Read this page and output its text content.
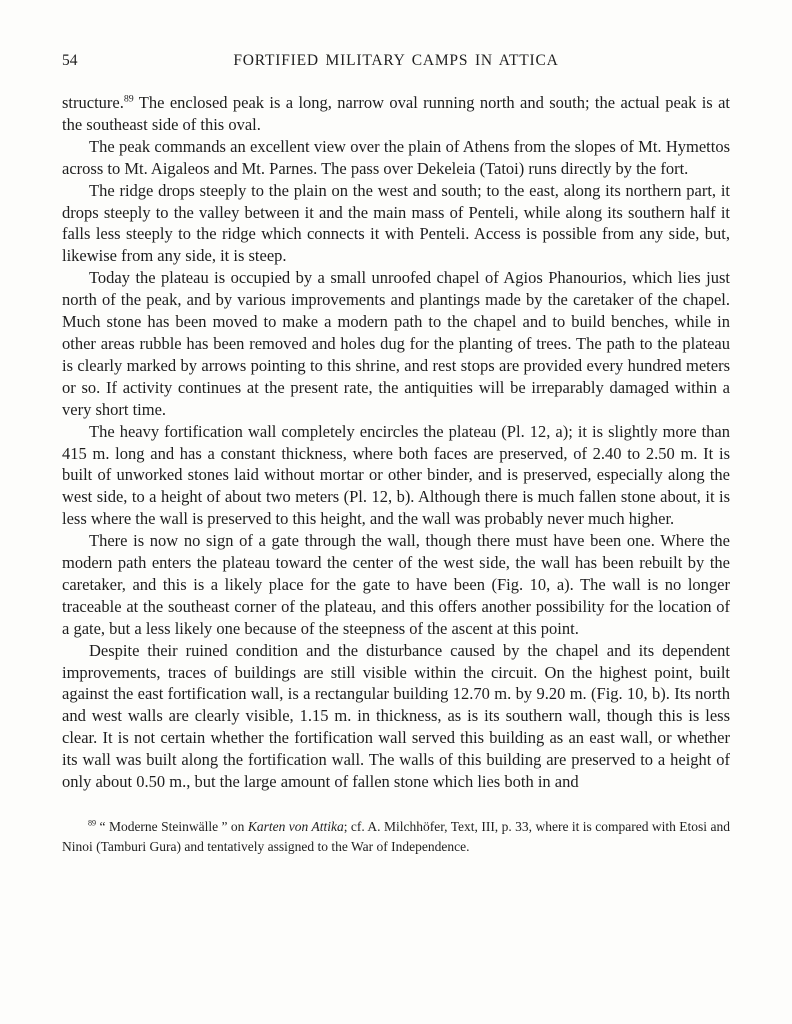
54	FORTIFIED MILITARY CAMPS IN ATTICA

structure.$^{89}$ The enclosed peak is a long, narrow oval running north and south; the actual peak is at the southeast side of this oval.

The peak commands an excellent view over the plain of Athens from the slopes of Mt. Hymettos across to Mt. Aigaleos and Mt. Parnes. The pass over Dekeleia (Tatoi) runs directly by the fort.

The ridge drops steeply to the plain on the west and south; to the east, along its northern part, it drops steeply to the valley between it and the main mass of Penteli, while along its southern half it falls less steeply to the ridge which connects it with Penteli. Access is possible from any side, but, likewise from any side, it is steep.

Today the plateau is occupied by a small unroofed chapel of Agios Phanourios, which lies just north of the peak, and by various improvements and plantings made by the caretaker of the chapel. Much stone has been moved to make a modern path to the chapel and to build benches, while in other areas rubble has been removed and holes dug for the planting of trees. The path to the plateau is clearly marked by arrows pointing to this shrine, and rest stops are provided every hundred meters or so. If activity continues at the present rate, the antiquities will be irreparably damaged within a very short time.

The heavy fortification wall completely encircles the plateau (Pl. 12, a); it is slightly more than 415 m. long and has a constant thickness, where both faces are preserved, of 2.40 to 2.50 m. It is built of unworked stones laid without mortar or other binder, and is preserved, especially along the west side, to a height of about two meters (Pl. 12, b). Although there is much fallen stone about, it is less where the wall is preserved to this height, and the wall was probably never much higher.

There is now no sign of a gate through the wall, though there must have been one. Where the modern path enters the plateau toward the center of the west side, the wall has been rebuilt by the caretaker, and this is a likely place for the gate to have been (Fig. 10, a). The wall is no longer traceable at the southeast corner of the plateau, and this offers another possibility for the location of a gate, but a less likely one because of the steepness of the ascent at this point.

Despite their ruined condition and the disturbance caused by the chapel and its dependent improvements, traces of buildings are still visible within the circuit. On the highest point, built against the east fortification wall, is a rectangular building 12.70 m. by 9.20 m. (Fig. 10, b). Its north and west walls are clearly visible, 1.15 m. in thickness, as is its southern wall, though this is less clear. It is not certain whether the fortification wall served this building as an east wall, or whether its wall was built along the fortification wall. The walls of this building are preserved to a height of only about 0.50 m., but the large amount of fallen stone which lies both in and

$^{89}$ “ Moderne Steinwälle ” on Karten von Attika; cf. A. Milchhöfer, Text, III, p. 33, where it is compared with Etosi and Ninoi (Tamburi Gura) and tentatively assigned to the War of Independence.
